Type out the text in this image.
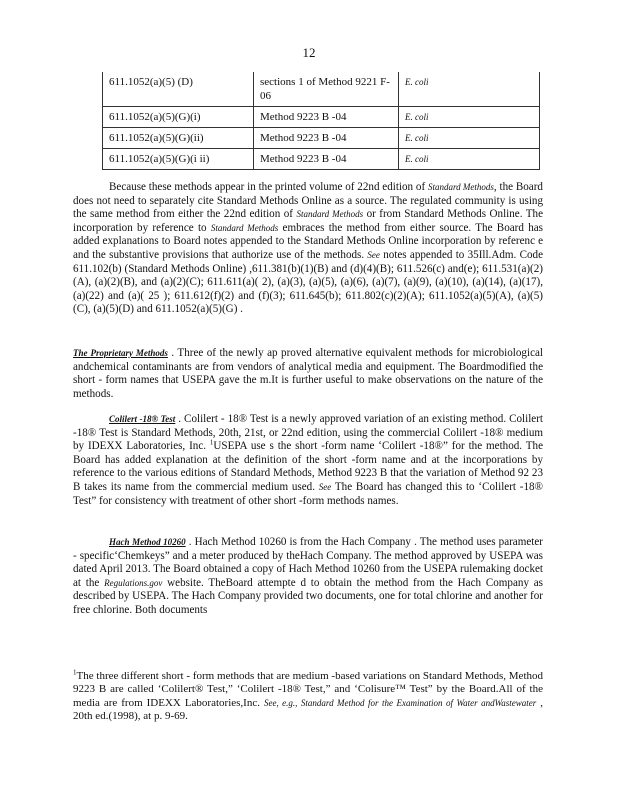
12
611.1052(a)(5) (D)	sections 1 of Method 9221 F-06	E. coli
611.1052(a)(5)(G)(i)	Method 9223 B -04	E. coli
611.1052(a)(5)(G)(ii)	Method 9223 B -04	E. coli
611.1052(a)(5)(G)(i ii)	Method 9223 B -04	E. coli

Because these methods appear in the printed volume of 22nd edition of Standard Methods, the Board does not need to separately cite Standard Methods Online as a source. The regulated community is using the same method from either the 22nd edition of Standard Methods or from Standard Methods Online. The incorporation by reference to Standard Methods embraces the method from either source. The Board has added explanations to Board notes appended to the Standard Methods Online incorporation by referenc e and the substantive provisions that authorize use of the methods. See notes appended to 35Ill.Adm. Code 611.102(b) (Standard Methods Online) ,611.381(b)(1)(B) and (d)(4)(B); 611.526(c) and(e); 611.531(a)(2)(A), (a)(2)(B), and (a)(2)(C); 611.611(a)( 2), (a)(3), (a)(5), (a)(6), (a)(7), (a)(9), (a)(10), (a)(14), (a)(17), (a)(22) and (a)( 25 ); 611.612(f)(2) and (f)(3); 611.645(b); 611.802(c)(2)(A); 611.1052(a)(5)(A), (a)(5)(C), (a)(5)(D) and 611.1052(a)(5)(G) .

The Proprietary Methods . Three of the newly ap proved alternative equivalent methods for microbiological andchemical contaminants are from vendors of analytical media and equipment. The Boardmodified the short - form names that USEPA gave the m.It is further useful to make observations on the nature of the methods.

Colilert -18® Test . Colilert - 18® Test is a newly approved variation of an existing method. Colilert -18® Test is Standard Methods, 20th, 21st, or 22nd edition, using the commercial Colilert -18® medium by IDEXX Laboratories, Inc. $^1$USEPA use s the short -form name ‘Colilert -18®” for the method. The Board has added explanation at the definition of the short -form name and at the incorporations by reference to the various editions of Standard Methods, Method 9223 B that the variation of Method 92 23 B takes its name from the commercial medium used. See The Board has changed this to ‘Colilert -18® Test” for consistency with treatment of other short -form methods names.

Hach Method 10260 . Hach Method 10260 is from the Hach Company . The method uses parameter - specific‘Chemkeys” and a meter produced by theHach Company. The method approved by USEPA was dated April 2013. The Board obtained a copy of Hach Method 10260 from the USEPA rulemaking docket at the Regulations.gov website. TheBoard attempte d to obtain the method from the Hach Company as described by USEPA. The Hach Company provided two documents, one for total chlorine and another for free chlorine. Both documents

$^1$The three different short - form methods that are medium -based variations on Standard Methods, Method 9223 B are called ‘Colilert® Test,” ‘Colilert -18® Test,” and ‘Colisure™ Test” by the Board.All of the media are from IDEXX Laboratories,Inc. See, e.g., Standard Method for the Examination of Water andWastewater , 20th ed.(1998), at p. 9-69.
